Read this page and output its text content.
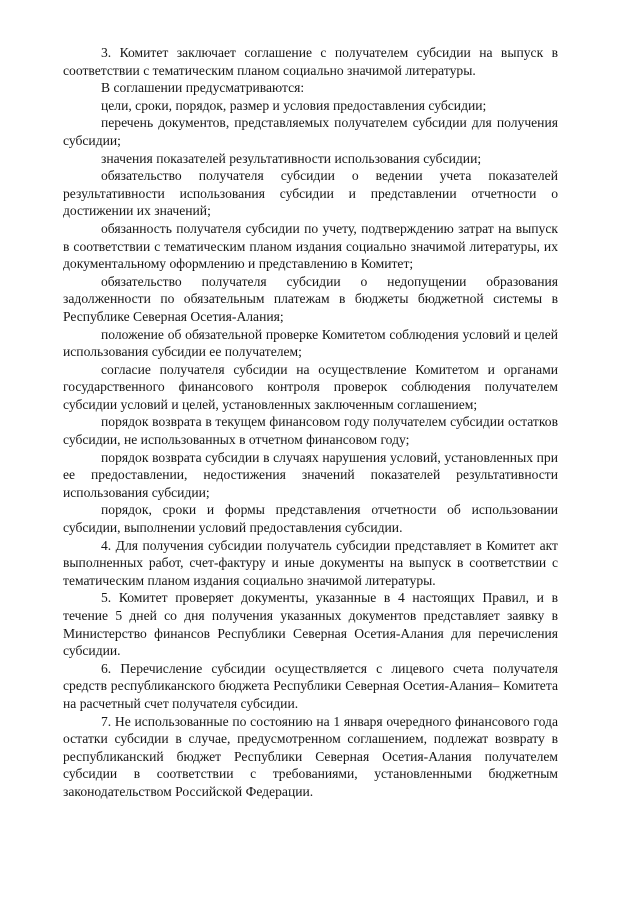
3. Комитет заключает соглашение с получателем субсидии на выпуск в соответствии с тематическим планом социально значимой литературы.

В соглашении предусматриваются:

цели, сроки, порядок, размер и условия предоставления субсидии;

перечень документов, представляемых получателем субсидии для получения субсидии;

значения показателей результативности использования субсидии;

обязательство получателя субсидии о ведении учета показателей результативности использования субсидии и представлении отчетности о достижении их значений;

обязанность получателя субсидии по учету, подтверждению затрат на выпуск в соответствии с тематическим планом издания социально значимой литературы, их документальному оформлению и представлению в Комитет;

обязательство получателя субсидии о недопущении образования задолженности по обязательным платежам в бюджеты бюджетной системы в Республике Северная Осетия-Алания;

положение об обязательной проверке Комитетом соблюдения условий и целей использования субсидии ее получателем;

согласие получателя субсидии на осуществление Комитетом и органами государственного финансового контроля проверок соблюдения получателем субсидии условий и целей, установленных заключенным соглашением;

порядок возврата в текущем финансовом году получателем субсидии остатков субсидии, не использованных в отчетном финансовом году;

порядок возврата субсидии в случаях нарушения условий, установленных при ее предоставлении, недостижения значений показателей результативности использования субсидии;

порядок, сроки и формы представления отчетности об использовании субсидии, выполнении условий предоставления субсидии.

4. Для получения субсидии получатель субсидии представляет в Комитет акт выполненных работ, счет-фактуру и иные документы на выпуск в соответствии с тематическим планом издания социально значимой литературы.

5. Комитет проверяет документы, указанные в 4 настоящих Правил, и в течение 5 дней со дня получения указанных документов представляет заявку в Министерство финансов Республики Северная Осетия-Алания для перечисления субсидии.

6. Перечисление субсидии осуществляется с лицевого счета получателя средств республиканского бюджета Республики Северная Осетия-Алания– Комитета на расчетный счет получателя субсидии.

7. Не использованные по состоянию на 1 января очередного финансового года остатки субсидии в случае, предусмотренном соглашением, подлежат возврату в республиканский бюджет Республики Северная Осетия-Алания получателем субсидии в соответствии с требованиями, установленными бюджетным законодательством Российской Федерации.
